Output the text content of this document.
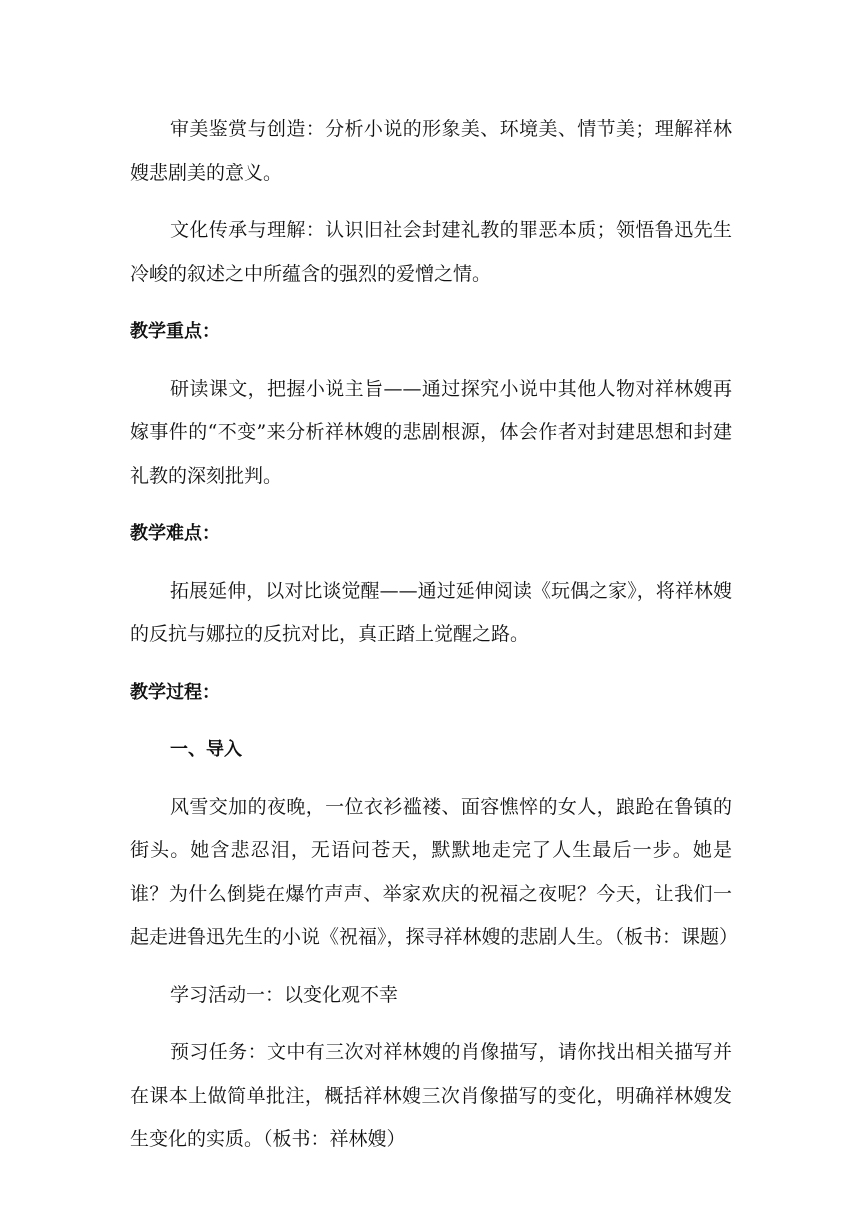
审美鉴赏与创造：分析小说的形象美、环境美、情节美；理解祥林嫂悲剧美的意义。

文化传承与理解：认识旧社会封建礼教的罪恶本质；领悟鲁迅先生冷峻的叙述之中所蕴含的强烈的爱憎之情。

教学重点：

研读课文，把握小说主旨——通过探究小说中其他人物对祥林嫂再嫁事件的“不变”来分析祥林嫂的悲剧根源，体会作者对封建思想和封建礼教的深刻批判。

教学难点：

拓展延伸，以对比谈觉醒——通过延伸阅读《玩偶之家》，将祥林嫂的反抗与娜拉的反抗对比，真正踏上觉醒之路。

教学过程：

一、导入

风雪交加的夜晚，一位衣衫褴褛、面容憔悴的女人，踉跄在鲁镇的街头。她含悲忍泪，无语问苍天，默默地走完了人生最后一步。她是谁？为什么倒毙在爆竹声声、举家欢庆的祝福之夜呢？今天，让我们一起走进鲁迅先生的小说《祝福》，探寻祥林嫂的悲剧人生。（板书：课题）

学习活动一：以变化观不幸

预习任务：文中有三次对祥林嫂的肖像描写，请你找出相关描写并在课本上做简单批注，概括祥林嫂三次肖像描写的变化，明确祥林嫂发生变化的实质。（板书：祥林嫂）
